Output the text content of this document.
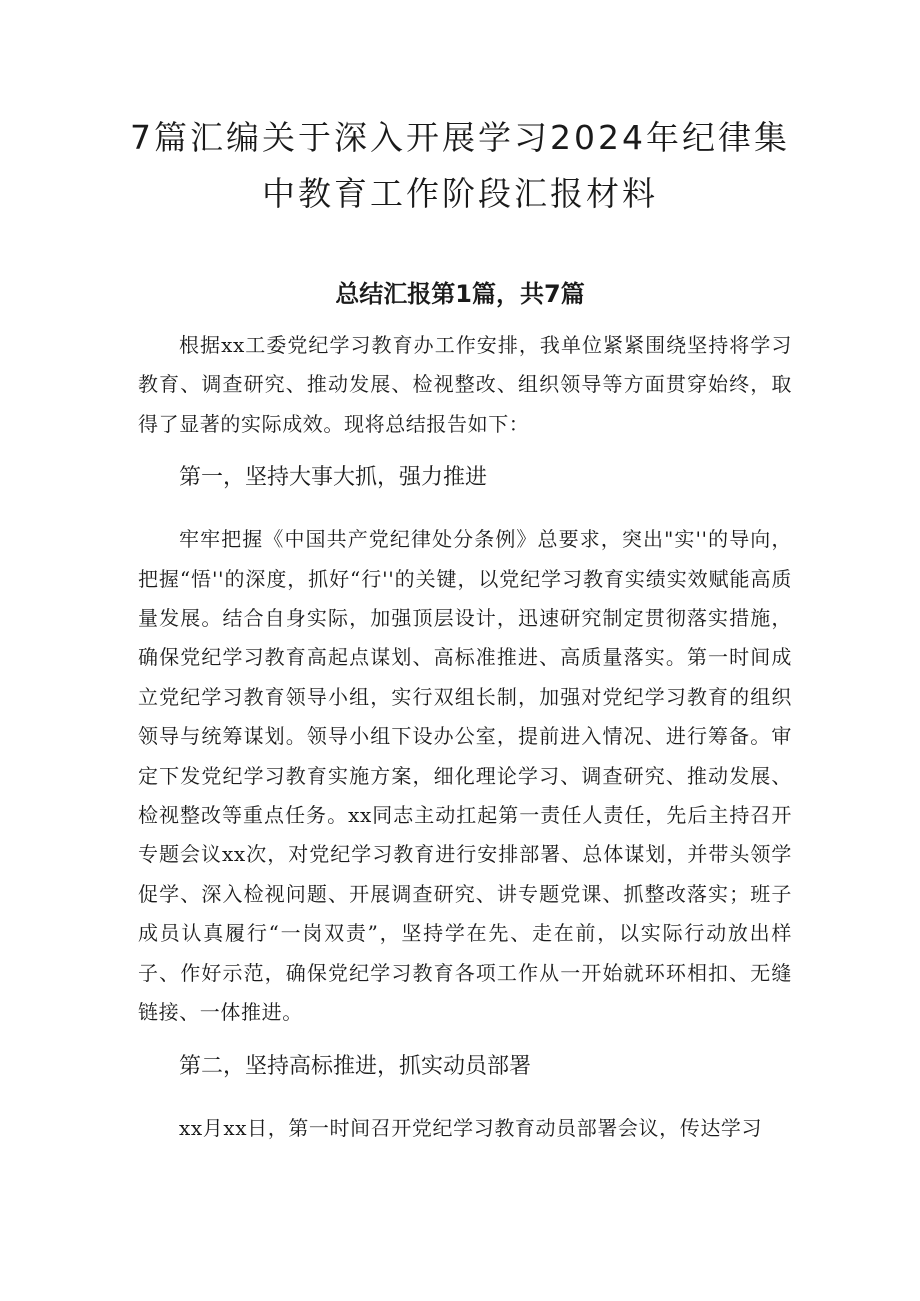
7篇汇编关于深入开展学习2024年纪律集
中教育工作阶段汇报材料
总结汇报第1篇，共7篇

根据xx工委党纪学习教育办工作安排，我单位紧紧围绕坚持将学习教育、调查研究、推动发展、检视整改、组织领导等方面贯穿始终，取得了显著的实际成效。现将总结报告如下：

第一，坚持大事大抓，强力推进

牢牢把握《中国共产党纪律处分条例》总要求，突出"实''的导向，把握“悟''的深度，抓好“行''的关键，以党纪学习教育实绩实效赋能高质量发展。结合自身实际，加强顶层设计，迅速研究制定贯彻落实措施，确保党纪学习教育高起点谋划、高标准推进、高质量落实。第一时间成立党纪学习教育领导小组，实行双组长制，加强对党纪学习教育的组织领导与统筹谋划。领导小组下设办公室，提前进入情况、进行筹备。审定下发党纪学习教育实施方案，细化理论学习、调查研究、推动发展、检视整改等重点任务。xx同志主动扛起第一责任人责任，先后主持召开专题会议xx次，对党纪学习教育进行安排部署、总体谋划，并带头领学促学、深入检视问题、开展调查研究、讲专题党课、抓整改落实；班子成员认真履行“一岗双责”，坚持学在先、走在前，以实际行动放出样子、作好示范，确保党纪学习教育各项工作从一开始就环环相扣、无缝链接、一体推进。

第二，坚持高标推进，抓实动员部署

xx月xx日，第一时间召开党纪学习教育动员部署会议，传达学习
